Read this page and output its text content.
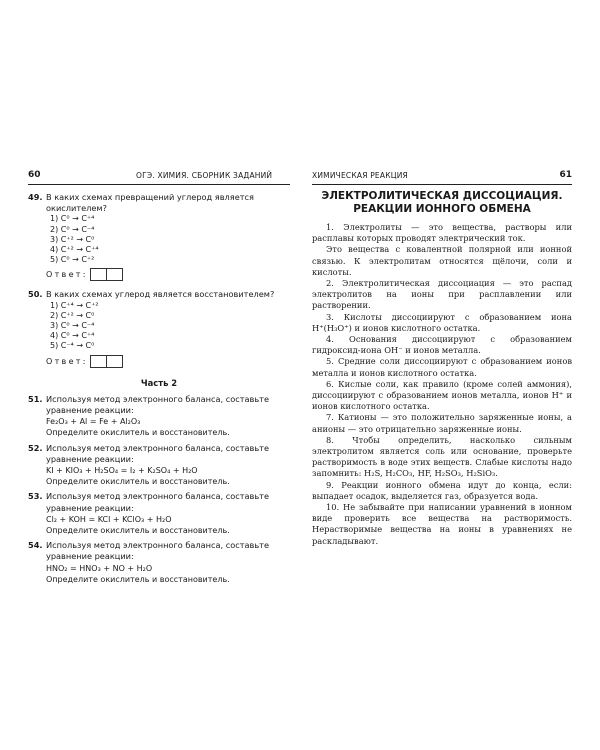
60	ОГЭ. ХИМИЯ. СБОРНИК ЗАДАНИЙ
49. В каких схемах превращений углерод является окислителем?
1) C⁰ → C⁺⁴
2) C⁰ → C⁻⁴
3) C⁺² → C⁰
4) C⁺² → C⁺⁴
5) C⁰ → C⁺²
Ответ:
50. В каких схемах углерод является восстановителем?
1) C⁺⁴ → C⁺²
2) C⁺² → C⁰
3) C⁰ → C⁻⁴
4) C⁰ → C⁺⁴
5) C⁻⁴ → C⁰
Ответ:
Часть 2
51. Используя метод электронного баланса, составьте уравнение реакции:
Fe₂O₃ + Al = Fe + Al₂O₃
Определите окислитель и восстановитель.
52. Используя метод электронного баланса, составьте уравнение реакции:
KI + KIO₃ + H₂SO₄ = I₂ + K₂SO₄ + H₂O
Определите окислитель и восстановитель.
53. Используя метод электронного баланса, составьте уравнение реакции:
Cl₂ + KOH = KCl + KClO₃ + H₂O
Определите окислитель и восстановитель.
54. Используя метод электронного баланса, составьте уравнение реакции:
HNO₂ = HNO₃ + NO + H₂O
Определите окислитель и восстановитель.
ХИМИЧЕСКАЯ РЕАКЦИЯ	61
ЭЛЕКТРОЛИТИЧЕСКАЯ ДИССОЦИАЦИЯ.
РЕАКЦИИ ИОННОГО ОБМЕНА

1. Электролиты — это вещества, растворы или расплавы которых проводят электрический ток.

Это вещества с ковалентной полярной или ионной связью. К электролитам относятся щёлочи, соли и кислоты.

2. Электролитическая диссоциация — это распад электролитов на ионы при расплавлении или растворении.

3. Кислоты диссоциируют с образованием иона H⁺(H₃O⁺) и ионов кислотного остатка.

4. Основания диссоциируют с образованием гидроксид-иона OH⁻ и ионов металла.

5. Средние соли диссоциируют с образованием ионов металла и ионов кислотного остатка.

6. Кислые соли, как правило (кроме солей аммония), диссоциируют с образованием ионов металла, ионов H⁺ и ионов кислотного остатка.

7. Катионы — это положительно заряженные ионы, а анионы — это отрицательно заряженные ионы.

8. Чтобы определить, насколько сильным электролитом является соль или основание, проверьте растворимость в воде этих веществ. Слабые кислоты надо запомнить: H₂S, H₂CO₃, HF, H₂SO₃, H₂SiO₃.

9. Реакции ионного обмена идут до конца, если: выпадает осадок, выделяется газ, образуется вода.

10. Не забывайте при написании уравнений в ионном виде проверить все вещества на растворимость. Нерастворимые вещества на ионы в уравнениях не раскладывают.
